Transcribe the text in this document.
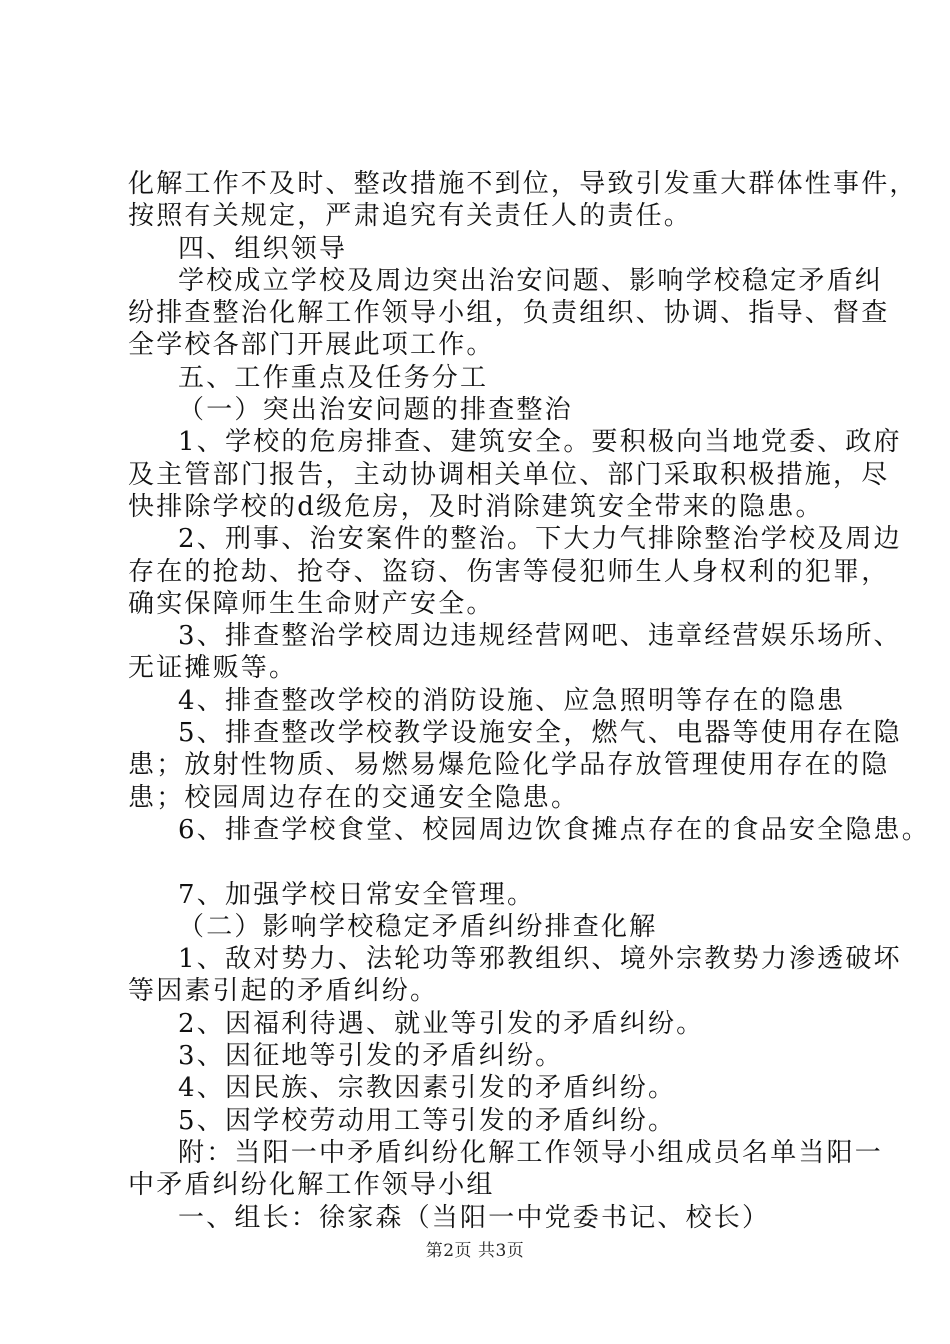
化解工作不及时、整改措施不到位，导致引发重大群体性事件，
按照有关规定，严肃追究有关责任人的责任。
四、组织领导
学校成立学校及周边突出治安问题、影响学校稳定矛盾纠
纷排查整治化解工作领导小组，负责组织、协调、指导、督查
全学校各部门开展此项工作。
五、工作重点及任务分工
（一）突出治安问题的排查整治
1、学校的危房排查、建筑安全。要积极向当地党委、政府
及主管部门报告，主动协调相关单位、部门采取积极措施，尽
快排除学校的d级危房，及时消除建筑安全带来的隐患。
2、刑事、治安案件的整治。下大力气排除整治学校及周边
存在的抢劫、抢夺、盗窃、伤害等侵犯师生人身权利的犯罪，
确实保障师生生命财产安全。
3、排查整治学校周边违规经营网吧、违章经营娱乐场所、
无证摊贩等。
4、排查整改学校的消防设施、应急照明等存在的隐患
5、排查整改学校教学设施安全，燃气、电器等使用存在隐
患；放射性物质、易燃易爆危险化学品存放管理使用存在的隐
患；校园周边存在的交通安全隐患。
6、排查学校食堂、校园周边饮食摊点存在的食品安全隐患。
7、加强学校日常安全管理。
（二）影响学校稳定矛盾纠纷排查化解
1、敌对势力、法轮功等邪教组织、境外宗教势力渗透破坏
等因素引起的矛盾纠纷。
2、因福利待遇、就业等引发的矛盾纠纷。
3、因征地等引发的矛盾纠纷。
4、因民族、宗教因素引发的矛盾纠纷。
5、因学校劳动用工等引发的矛盾纠纷。
附：当阳一中矛盾纠纷化解工作领导小组成员名单当阳一
中矛盾纠纷化解工作领导小组
一、组长：徐家森（当阳一中党委书记、校长）
第2页 共3页
